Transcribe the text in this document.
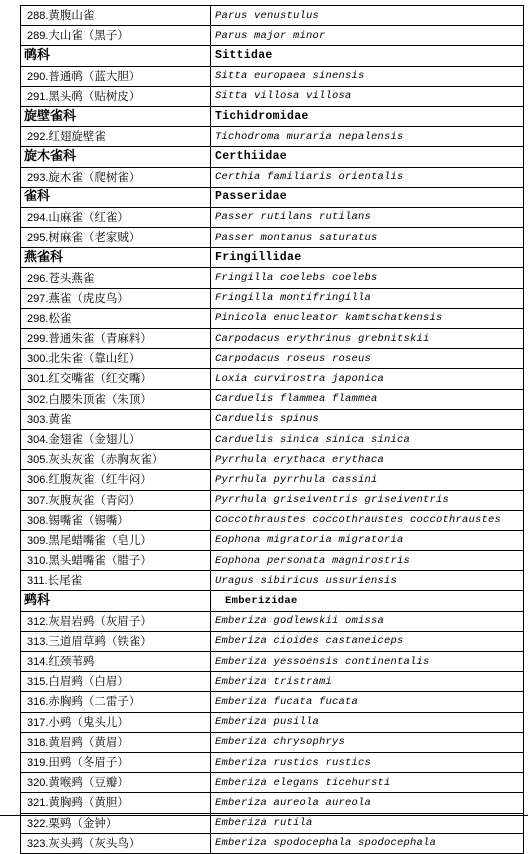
288.黄腹山雀	Parus venustulus
289.大山雀（黑子）	Parus major minor
䴓科	Sittidae
290.普通䴓（蓝大胆）	Sitta europaea sinensis
291.黑头䴓（贴树皮）	Sitta villosa villosa
旋壁雀科	Tichidromidae
292.红翅旋壁雀	Tichodroma muraria nepalensis
旋木雀科	Certhiidae
293.旋木雀（爬树雀）	Certhia familiaris orientalis
雀科	Passeridae
294.山麻雀（红雀）	Passer rutilans rutilans
295.树麻雀（老家贼）	Passer montanus saturatus
燕雀科	Fringillidae
296.苍头燕雀	Fringilla coelebs coelebs
297.燕雀（虎皮鸟）	Fringilla montifringilla
298.松雀	Pinicola enucleator kamtschatkensis
299.普通朱雀（青麻料）	Carpodacus erythrinus grebnitskii
300.北朱雀（靠山红）	Carpodacus roseus roseus
301.红交嘴雀（红交嘴）	Loxia curvirostra japonica
302.白腰朱顶雀（朱顶）	Carduelis flammea flammea
303.黄雀	Carduelis spinus
304.金翅雀（金翅儿）	Carduelis sinica sinica sinica
305.灰头灰雀（赤胸灰雀）	Pyrrhula erythaca erythaca
306.红腹灰雀（红牛闷）	Pyrrhula pyrrhula cassini
307.灰腹灰雀（青闷）	Pyrrhula griseiventris griseiventris
308.锡嘴雀（锡嘴）	Coccothraustes coccothraustes coccothraustes
309.黑尾蜡嘴雀（皂儿）	Eophona migratoria migratoria
310.黑头蜡嘴雀（腊子）	Eophona personata magnirostris
311.长尾雀	Uragus sibiricus ussuriensis
鹀科	Emberizidae
312.灰眉岩鹀（灰眉子）	Emberiza godlewskii omissa
313.三道眉草鹀（铁雀）	Emberiza cioides castaneiceps
314.红颈苇鹀	Emberiza yessoensis continentalis
315.白眉鹀（白眉）	Emberiza tristrami
316.赤胸鹀（二雷子）	Emberiza fucata fucata
317.小鹀（鬼头儿）	Emberiza pusilla
318.黄眉鹀（黄眉）	Emberiza chrysophrys
319.田鹀（冬眉子）	Emberiza rustics rustics
320.黄喉鹀（豆瓣）	Emberiza elegans ticehursti
321.黄胸鹀（黄胆）	Emberiza aureola aureola
322.栗鹀（金钟）	Emberiza rutila
323.灰头鹀（灰头鸟）	Emberiza spodocephala spodocephala
